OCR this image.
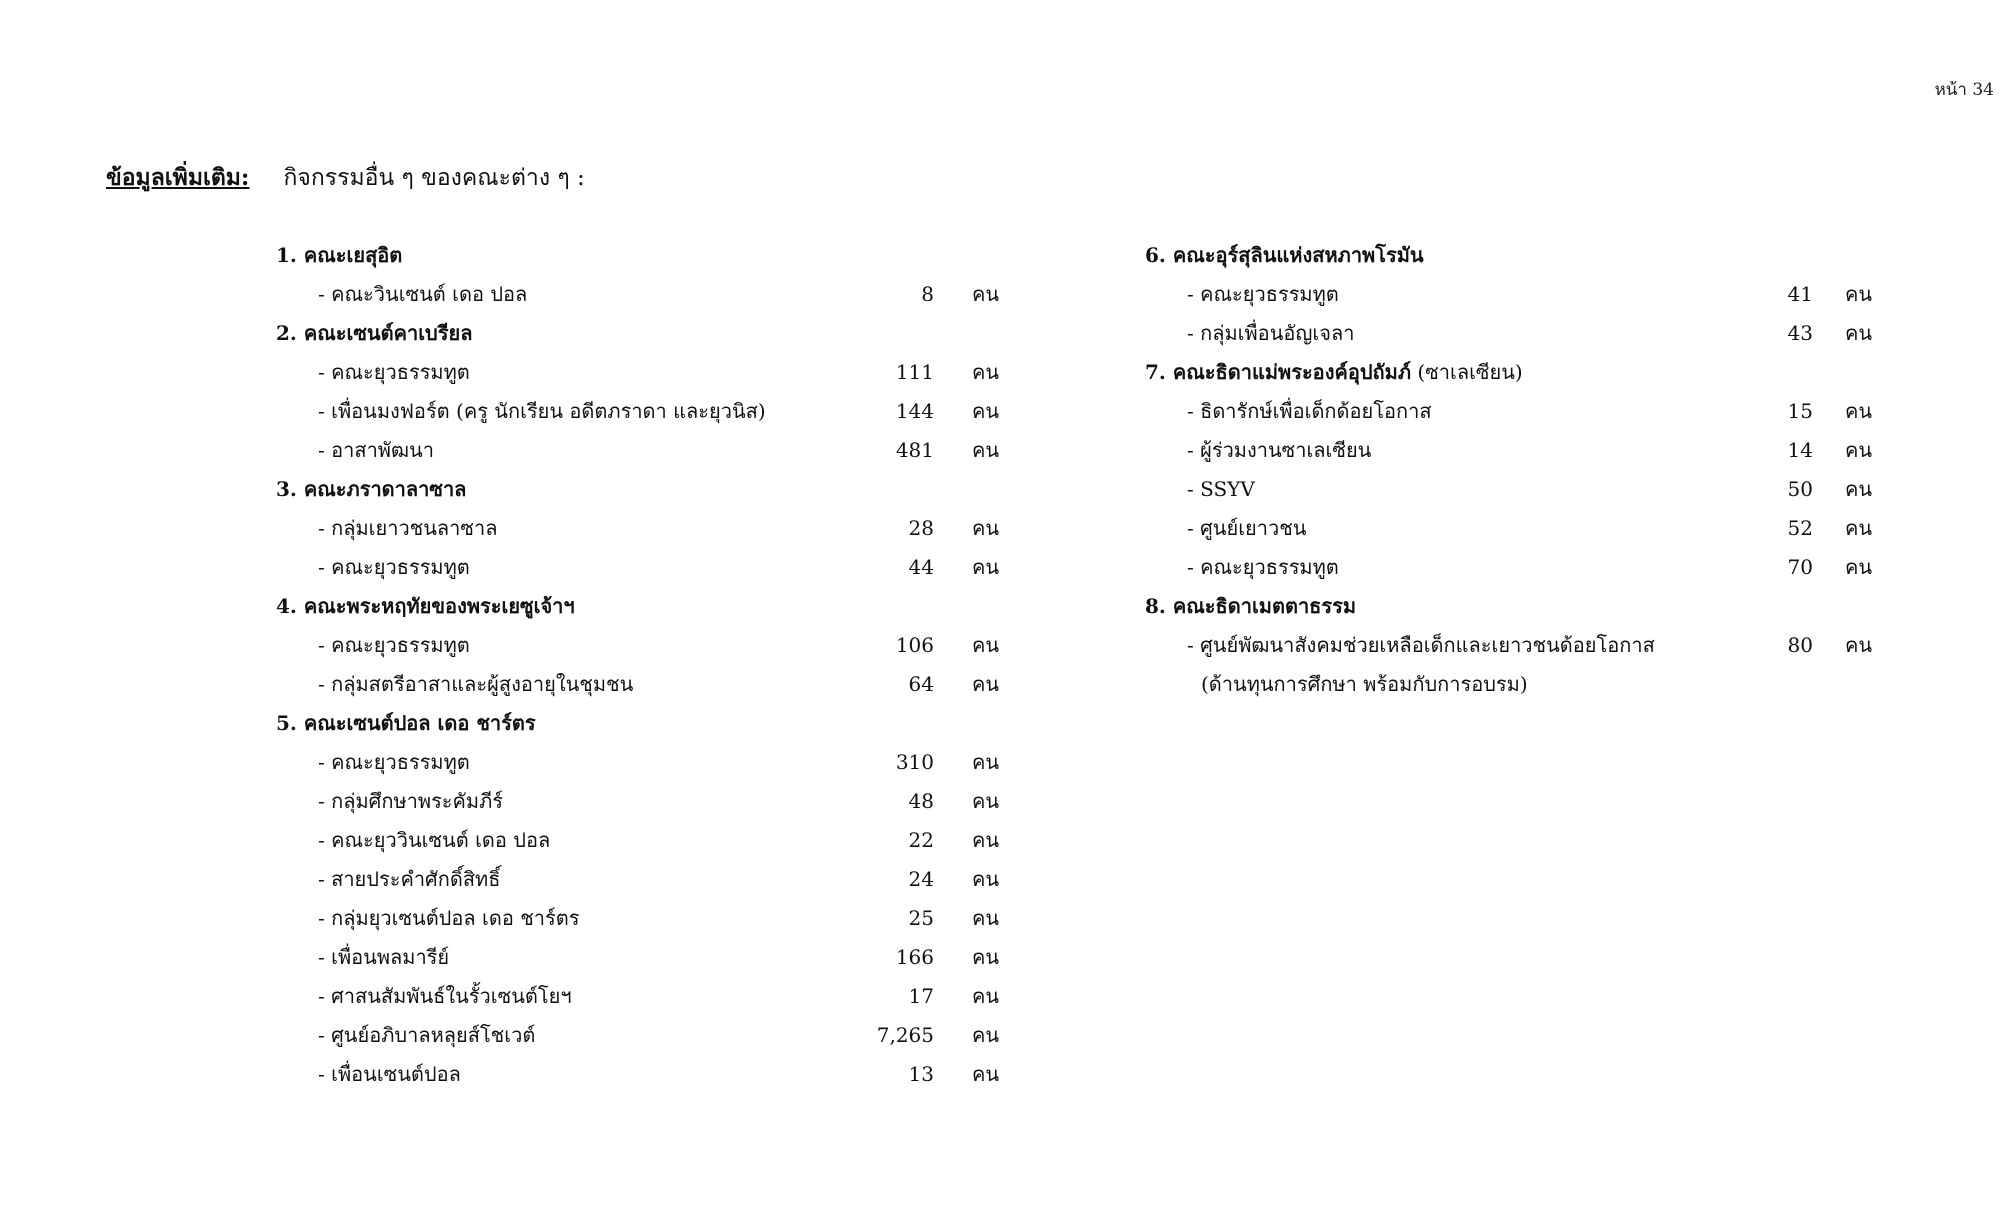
หน้า 34
ข้อมูลเพิ่มเติม: กิจกรรมอื่น ๆ ของคณะต่าง ๆ :
1. คณะเยสุอิต
- คณะวินเซนต์ เดอ ปอล	8 คน
2. คณะเซนต์คาเบรียล
- คณะยุวธรรมทูต	111 คน
- เพื่อนมงฟอร์ต (ครู นักเรียน อดีตภราดา และยุวนิส)	144 คน
- อาสาพัฒนา	481 คน
3. คณะภราดาลาซาล
- กลุ่มเยาวชนลาซาล	28 คน
- คณะยุวธรรมทูต	44 คน
4. คณะพระหฤทัยของพระเยซูเจ้าฯ
- คณะยุวธรรมทูต	106 คน
- กลุ่มสตรีอาสาและผู้สูงอายุในชุมชน	64 คน
5. คณะเซนต์ปอล เดอ ชาร์ตร
- คณะยุวธรรมทูต	310 คน
- กลุ่มศึกษาพระคัมภีร์	48 คน
- คณะยุววินเซนต์ เดอ ปอล	22 คน
- สายประคำศักดิ์สิทธิ์	24 คน
- กลุ่มยุวเซนต์ปอล เดอ ชาร์ตร	25 คน
- เพื่อนพลมารีย์	166 คน
- ศาสนสัมพันธ์ในรั้วเซนต์โยฯ	17 คน
- ศูนย์อภิบาลหลุยส์โชเวต์	7,265 คน
- เพื่อนเซนต์ปอล	13 คน
6. คณะอุร์สุลินแห่งสหภาพโรมัน
- คณะยุวธรรมทูต	41 คน
- กลุ่มเพื่อนอัญเจลา	43 คน
7. คณะธิดาแม่พระองค์อุปถัมภ์ (ซาเลเซียน)
- ธิดารักษ์เพื่อเด็กด้อยโอกาส	15 คน
- ผู้ร่วมงานซาเลเซียน	14 คน
- SSYV	50 คน
- ศูนย์เยาวชน	52 คน
- คณะยุวธรรมทูต	70 คน
8. คณะธิดาเมตตาธรรม
- ศูนย์พัฒนาสังคมช่วยเหลือเด็กและเยาวชนด้อยโอกาส	80 คน
(ด้านทุนการศึกษา พร้อมกับการอบรม)
